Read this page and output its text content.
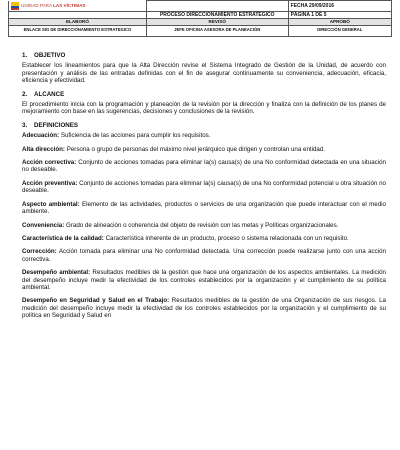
UNIDAD PARA LAS VÍCTIMAS		FECHA 29/09/2016
	PROCESO DIRECCIONAMIENTO ESTRATEGICO	PÁGINA 1 DE 5
ELABORÓ	REVISÓ	APROBÓ
ENLACE SIG DE DIRECCIONAMIENTO ESTRATEGICO	JEFE OFICINA ASESORA DE PLANEACIÓN	DIRECCIÓN GENERAL
1. OBJETIVO

Establecer los lineamientos para que la Alta Dirección revise el Sistema Integrado de Gestión de la Unidad, de acuerdo con presentación y análisis de las entradas definidas con el fin de asegurar continuamente su conveniencia, adecuación, eficacia, eficiencia y efectividad.

2. ALCANCE

El procedimiento inicia con la programación y planeación de la revisión por la dirección y finaliza con la definición de los planes de mejoramiento con base en las sugerencias, decisiones y conclusiones de la revisión.

3. DEFINICIONES

Adecuación: Suficiencia de las acciones para cumplir los requisitos.

Alta dirección: Persona o grupo de personas del máximo nivel jerárquico que dirigen y controlan una entidad.

Acción correctiva: Conjunto de acciones tomadas para eliminar la(s) causa(s) de una No conformidad detectada en una situación no deseable.

Acción preventiva: Conjunto de acciones tomadas para eliminar la(s) causa(s) de una No conformidad potencial u otra situación no deseable.

Aspecto ambiental: Elemento de las actividades, productos o servicios de una organización que puede interactuar con el medio ambiente.

Conveniencia: Grado de alineación o coherencia del objeto de revisión con las metas y Políticas organizacionales.

Característica de la calidad: Característica inherente de un producto, proceso o sistema relacionada con un requisito.

Corrección: Acción tomada para eliminar una No conformidad detectada. Una corrección puede realizarse junto con una acción correctiva.

Desempeño ambiental: Resultados medibles de la gestión que hace una organización de los aspectos ambientales. La medición del desempeño incluye medir la efectividad de los controles establecidos por la organización y el cumplimiento de su política ambiental.

Desempeño en Seguridad y Salud en el Trabajo: Resultados medibles de la gestión de una Organización de sus riesgos. La medición del desempeño incluye medir la efectividad de los controles establecidos por la organización y el cumplimiento de su política en Seguridad y Salud en
